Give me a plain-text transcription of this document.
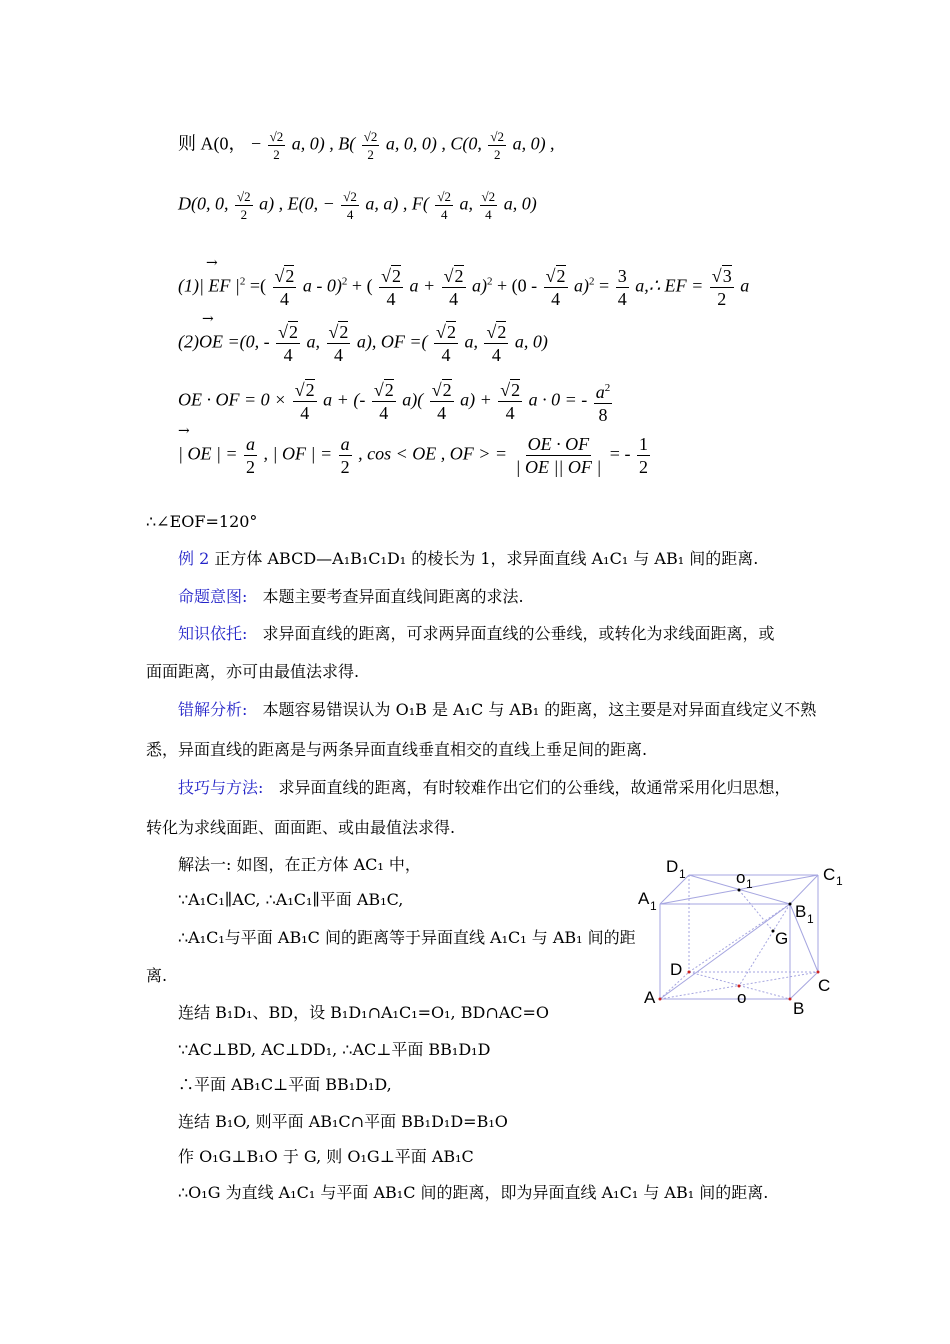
则 A(0， − $\frac{√2}{2} a$, 0) , $B( \frac{√2}{2} a$, 0, 0) , C(0, $\frac{√2}{2} a$, 0) ,
D(0, 0, $\frac{√2}{2} a$) , E(0, − $\frac{√2}{4} a$, a) , $F( \frac{√2}{4} a$, $\frac{√2}{4} a$, 0)
→
(1)| EF $|^2$ =( $\frac{√2}{4}$ a - 0)$^2$ + ( $\frac{√2}{4}$ $a + \frac{√2}{4} a)^2 + (0 - \frac{√2}{4} a)^2 = \frac{3}{4}$ a,∴ EF = $\frac{√3}{2}$ a
→
(2)OE =(0, - $\frac{√2}{4} a$, $\frac{√2}{4} a$), OF =( $\frac{√2}{4} a$, $\frac{√2}{4} a$, 0)
OE · OF = $0 \times \frac{√2}{4}$ a + (- $\frac{√2}{4} a)( \frac{√2}{4} a) + \frac{√2}{4}$ a · 0 = - $\frac{a^2}{8}$
→
| OE | = $\frac{a}{2}$ , | OF | = $\frac{a}{2}$ , cos < OE , OF > = $\frac{OE \cdot OF}{| OE || OF |}$ = - $\frac{1}{2}$
∴∠EOF=120°
例 2 正方体 ABCD—A₁B₁C₁D₁ 的棱长为 1，求异面直线 A₁C₁ 与 AB₁ 间的距离.
命题意图: 本题主要考查异面直线间距离的求法.
知识依托: 求异面直线的距离，可求两异面直线的公垂线，或转化为求线面距离，或
面面距离，亦可由最值法求得.
错解分析: 本题容易错误认为 O₁B 是 A₁C 与 AB₁ 的距离，这主要是对异面直线定义不熟
悉，异面直线的距离是与两条异面直线垂直相交的直线上垂足间的距离.
技巧与方法: 求异面直线的距离，有时较难作出它们的公垂线，故通常采用化归思想，
转化为求线面距、面面距、或由最值法求得.
解法一: 如图，在正方体 AC₁ 中，
∵A₁C₁∥AC, ∴A₁C₁∥平面 AB₁C,
∴A₁C₁与平面 AB₁C 间的距离等于异面直线 A₁C₁ 与 AB₁ 间的距
离.
连结 B₁D₁、BD，设 B₁D₁∩A₁C₁=O₁, BD∩AC=O
∵AC⊥BD, AC⊥DD₁, ∴AC⊥平面 BB₁D₁D
∴平面 AB₁C⊥平面 BB₁D₁D,
连结 B₁O, 则平面 AB₁C∩平面 BB₁D₁D=B₁O
作 O₁G⊥B₁O 于 G, 则 O₁G⊥平面 AB₁C
∴O₁G 为直线 A₁C₁ 与平面 AB₁C 间的距离，即为异面直线 A₁C₁ 与 AB₁ 间的距离.
D 1	o 1	C 1
A 1	B 1
G
D
C
A	o
B
